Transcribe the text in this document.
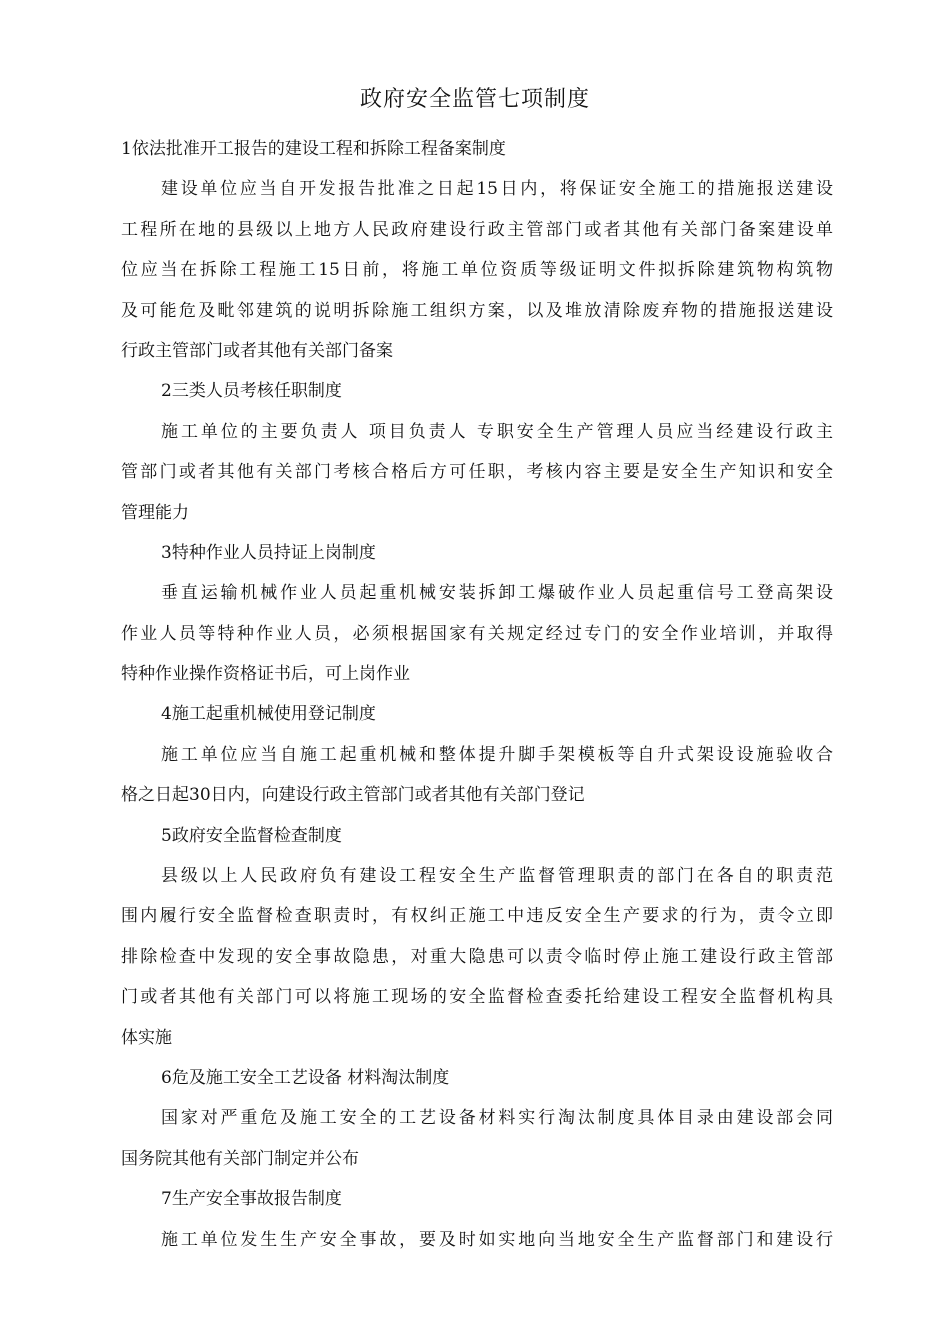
政府安全监管七项制度
1依法批准开工报告的建设工程和拆除工程备案制度
建设单位应当自开发报告批准之日起15日内，将保证安全施工的措施报送建设
工程所在地的县级以上地方人民政府建设行政主管部门或者其他有关部门备案建设单
位应当在拆除工程施工15日前，将施工单位资质等级证明文件拟拆除建筑物构筑物
及可能危及毗邻建筑的说明拆除施工组织方案，以及堆放清除废弃物的措施报送建设
行政主管部门或者其他有关部门备案
2三类人员考核任职制度
施工单位的主要负责人 项目负责人 专职安全生产管理人员应当经建设行政主
管部门或者其他有关部门考核合格后方可任职，考核内容主要是安全生产知识和安全
管理能力
3特种作业人员持证上岗制度
垂直运输机械作业人员起重机械安装拆卸工爆破作业人员起重信号工登高架设
作业人员等特种作业人员，必须根据国家有关规定经过专门的安全作业培训，并取得
特种作业操作资格证书后，可上岗作业
4施工起重机械使用登记制度
施工单位应当自施工起重机械和整体提升脚手架模板等自升式架设设施验收合
格之日起30日内，向建设行政主管部门或者其他有关部门登记
5政府安全监督检查制度
县级以上人民政府负有建设工程安全生产监督管理职责的部门在各自的职责范
围内履行安全监督检查职责时，有权纠正施工中违反安全生产要求的行为，责令立即
排除检查中发现的安全事故隐患，对重大隐患可以责令临时停止施工建设行政主管部
门或者其他有关部门可以将施工现场的安全监督检查委托给建设工程安全监督机构具
体实施
6危及施工安全工艺设备 材料淘汰制度
国家对严重危及施工安全的工艺设备材料实行淘汰制度具体目录由建设部会同
国务院其他有关部门制定并公布
7生产安全事故报告制度
施工单位发生生产安全事故，要及时如实地向当地安全生产监督部门和建设行
